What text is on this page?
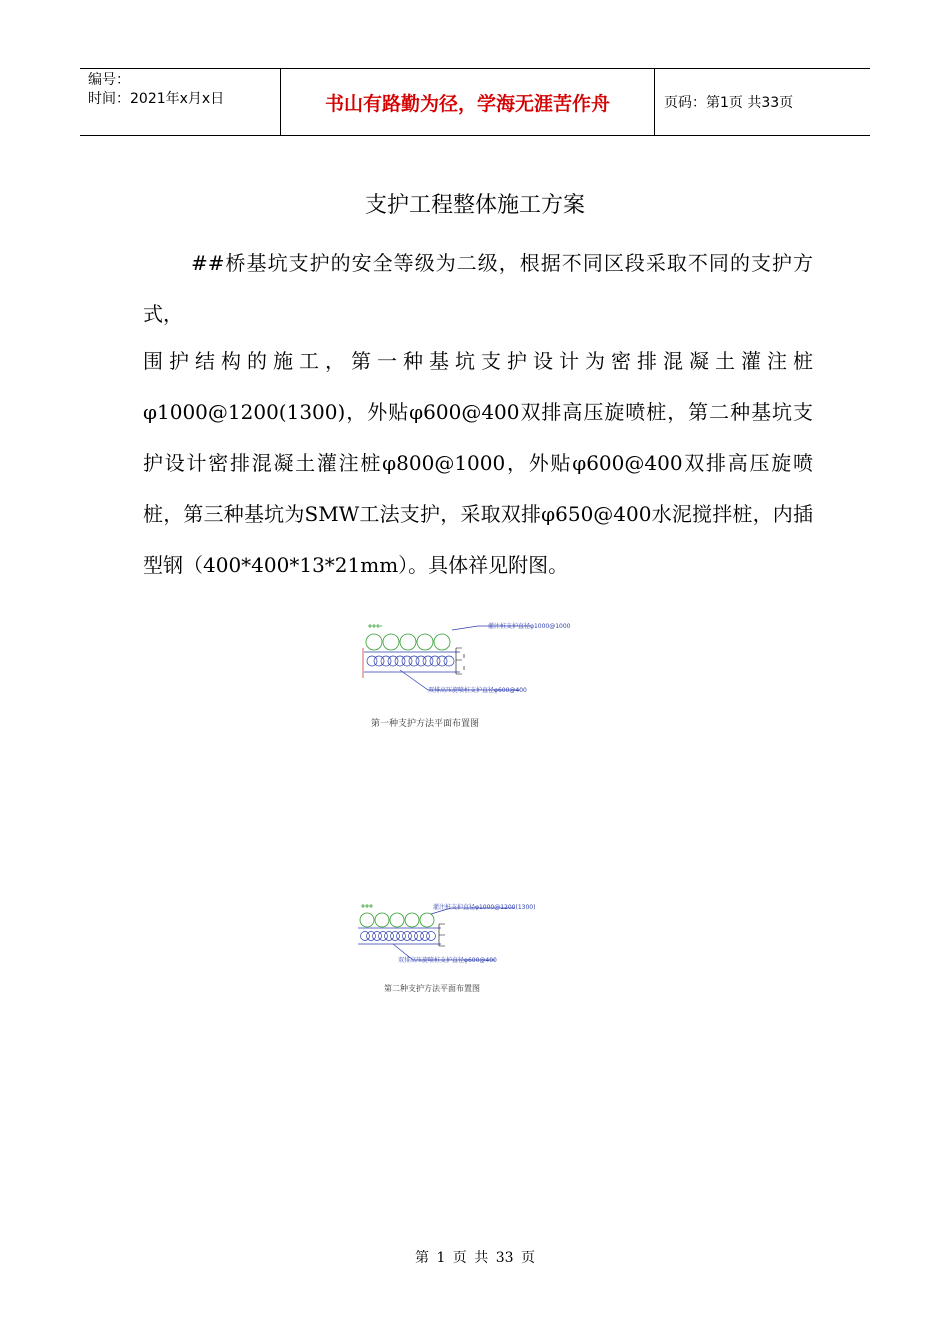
编号：
时间：2021年x月x日	书山有路勤为径，学海无涯苦作舟	页码：第1页 共33页
支护工程整体施工方案

##桥基坑支护的安全等级为二级，根据不同区段采取不同的支护方式，

围护结构的施工，第一种基坑支护设计为密排混凝土灌注桩φ1000@1200(1300)，外贴φ600@400双排高压旋喷桩，第二种基坑支护设计密排混凝土灌注桩φ800@1000，外贴φ600@400双排高压旋喷桩，第三种基坑为SMW工法支护，采取双排φ650@400水泥搅拌桩，内插型钢（400*400*13*21mm）。具体祥见附图。

灌注桩支护直径φ1000@1000
双排高压旋喷桩支护直径φ600@400
第一种支护方法平面布置图
灌注桩支护直径φ1000@1200(1300)
双排高压旋喷桩支护直径φ600@400
第二种支护方法平面布置图
第 1 页 共 33 页
